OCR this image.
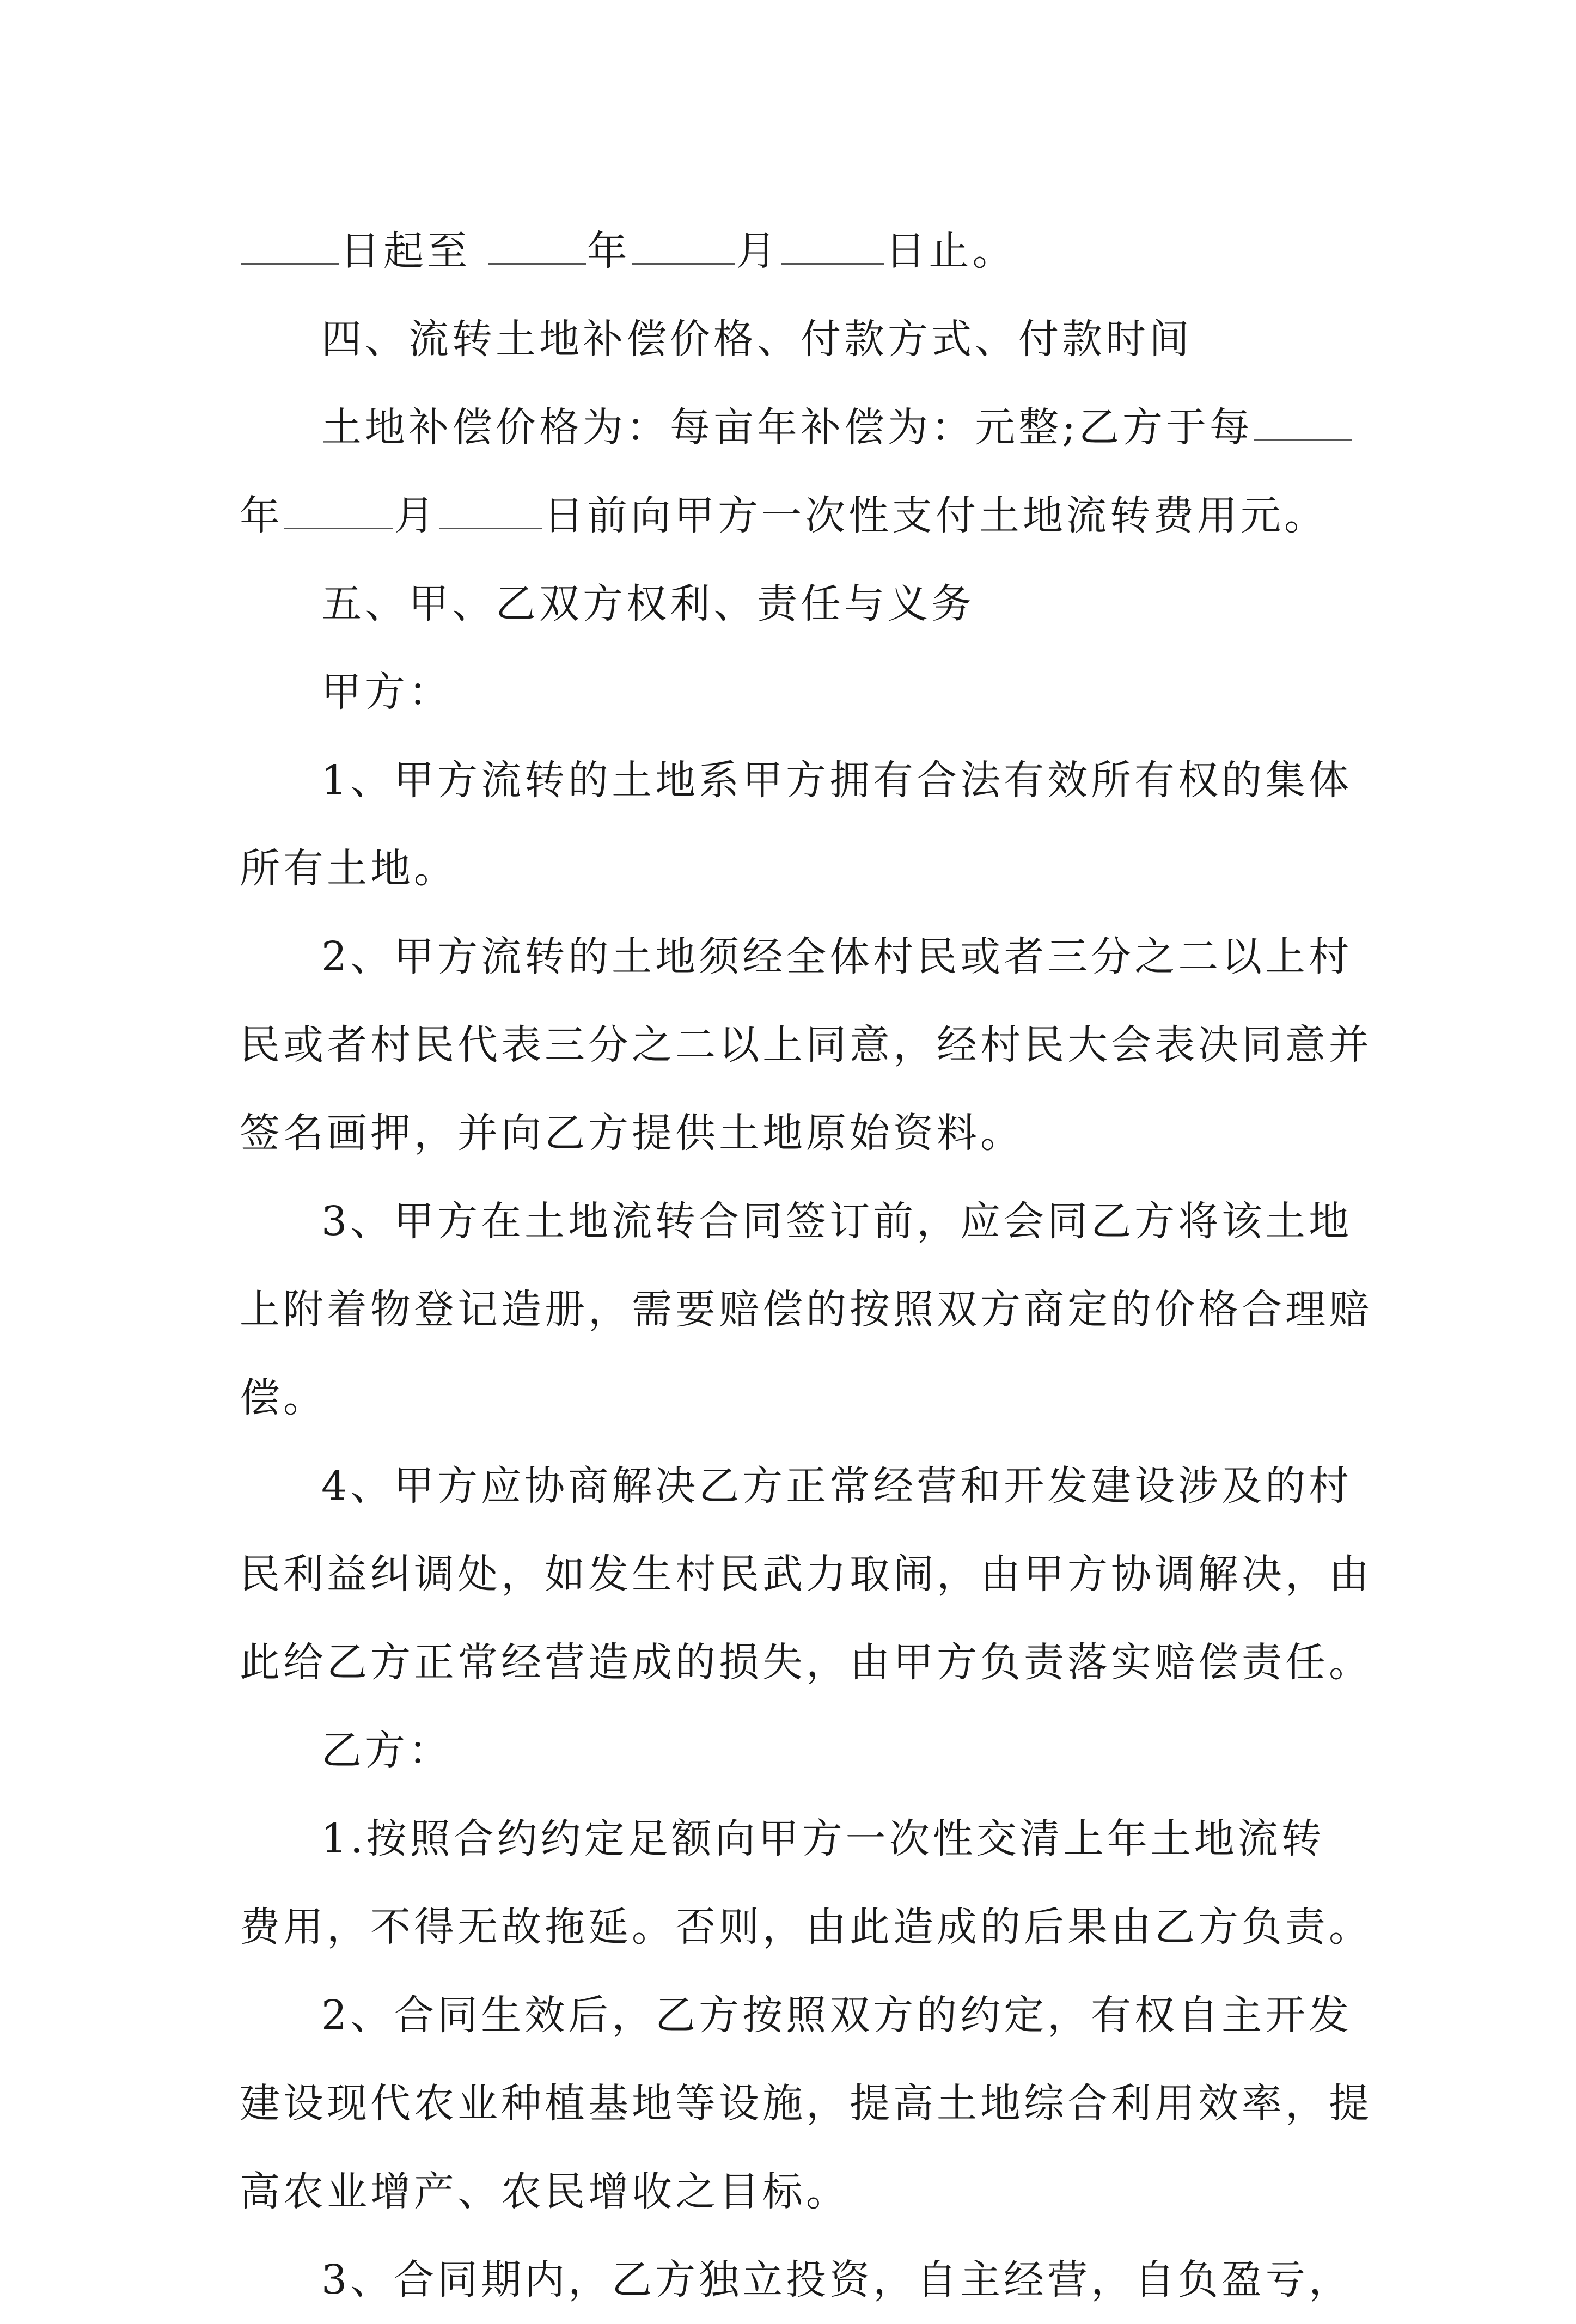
日起至	年	月	日止。
四、流转土地补偿价格、付款方式、付款时间
土地补偿价格为：每亩年补偿为：元整;乙方于每
年	月	日前向甲方一次性支付土地流转费用元。
五、甲、乙双方权利、责任与义务
甲方：
1、甲方流转的土地系甲方拥有合法有效所有权的集体
所有土地。
2、甲方流转的土地须经全体村民或者三分之二以上村
民或者村民代表三分之二以上同意，经村民大会表决同意并
签名画押，并向乙方提供土地原始资料。
3、甲方在土地流转合同签订前，应会同乙方将该土地
上附着物登记造册，需要赔偿的按照双方商定的价格合理赔
偿。
4、甲方应协商解决乙方正常经营和开发建设涉及的村
民利益纠调处，如发生村民武力取闹，由甲方协调解决，由
此给乙方正常经营造成的损失，由甲方负责落实赔偿责任。
乙方：
1.按照合约约定足额向甲方一次性交清上年土地流转
费用，不得无故拖延。否则，由此造成的后果由乙方负责。
2、合同生效后，乙方按照双方的约定，有权自主开发
建设现代农业种植基地等设施，提高土地综合利用效率，提
高农业增产、农民增收之目标。
3、合同期内，乙方独立投资，自主经营，自负盈亏，
